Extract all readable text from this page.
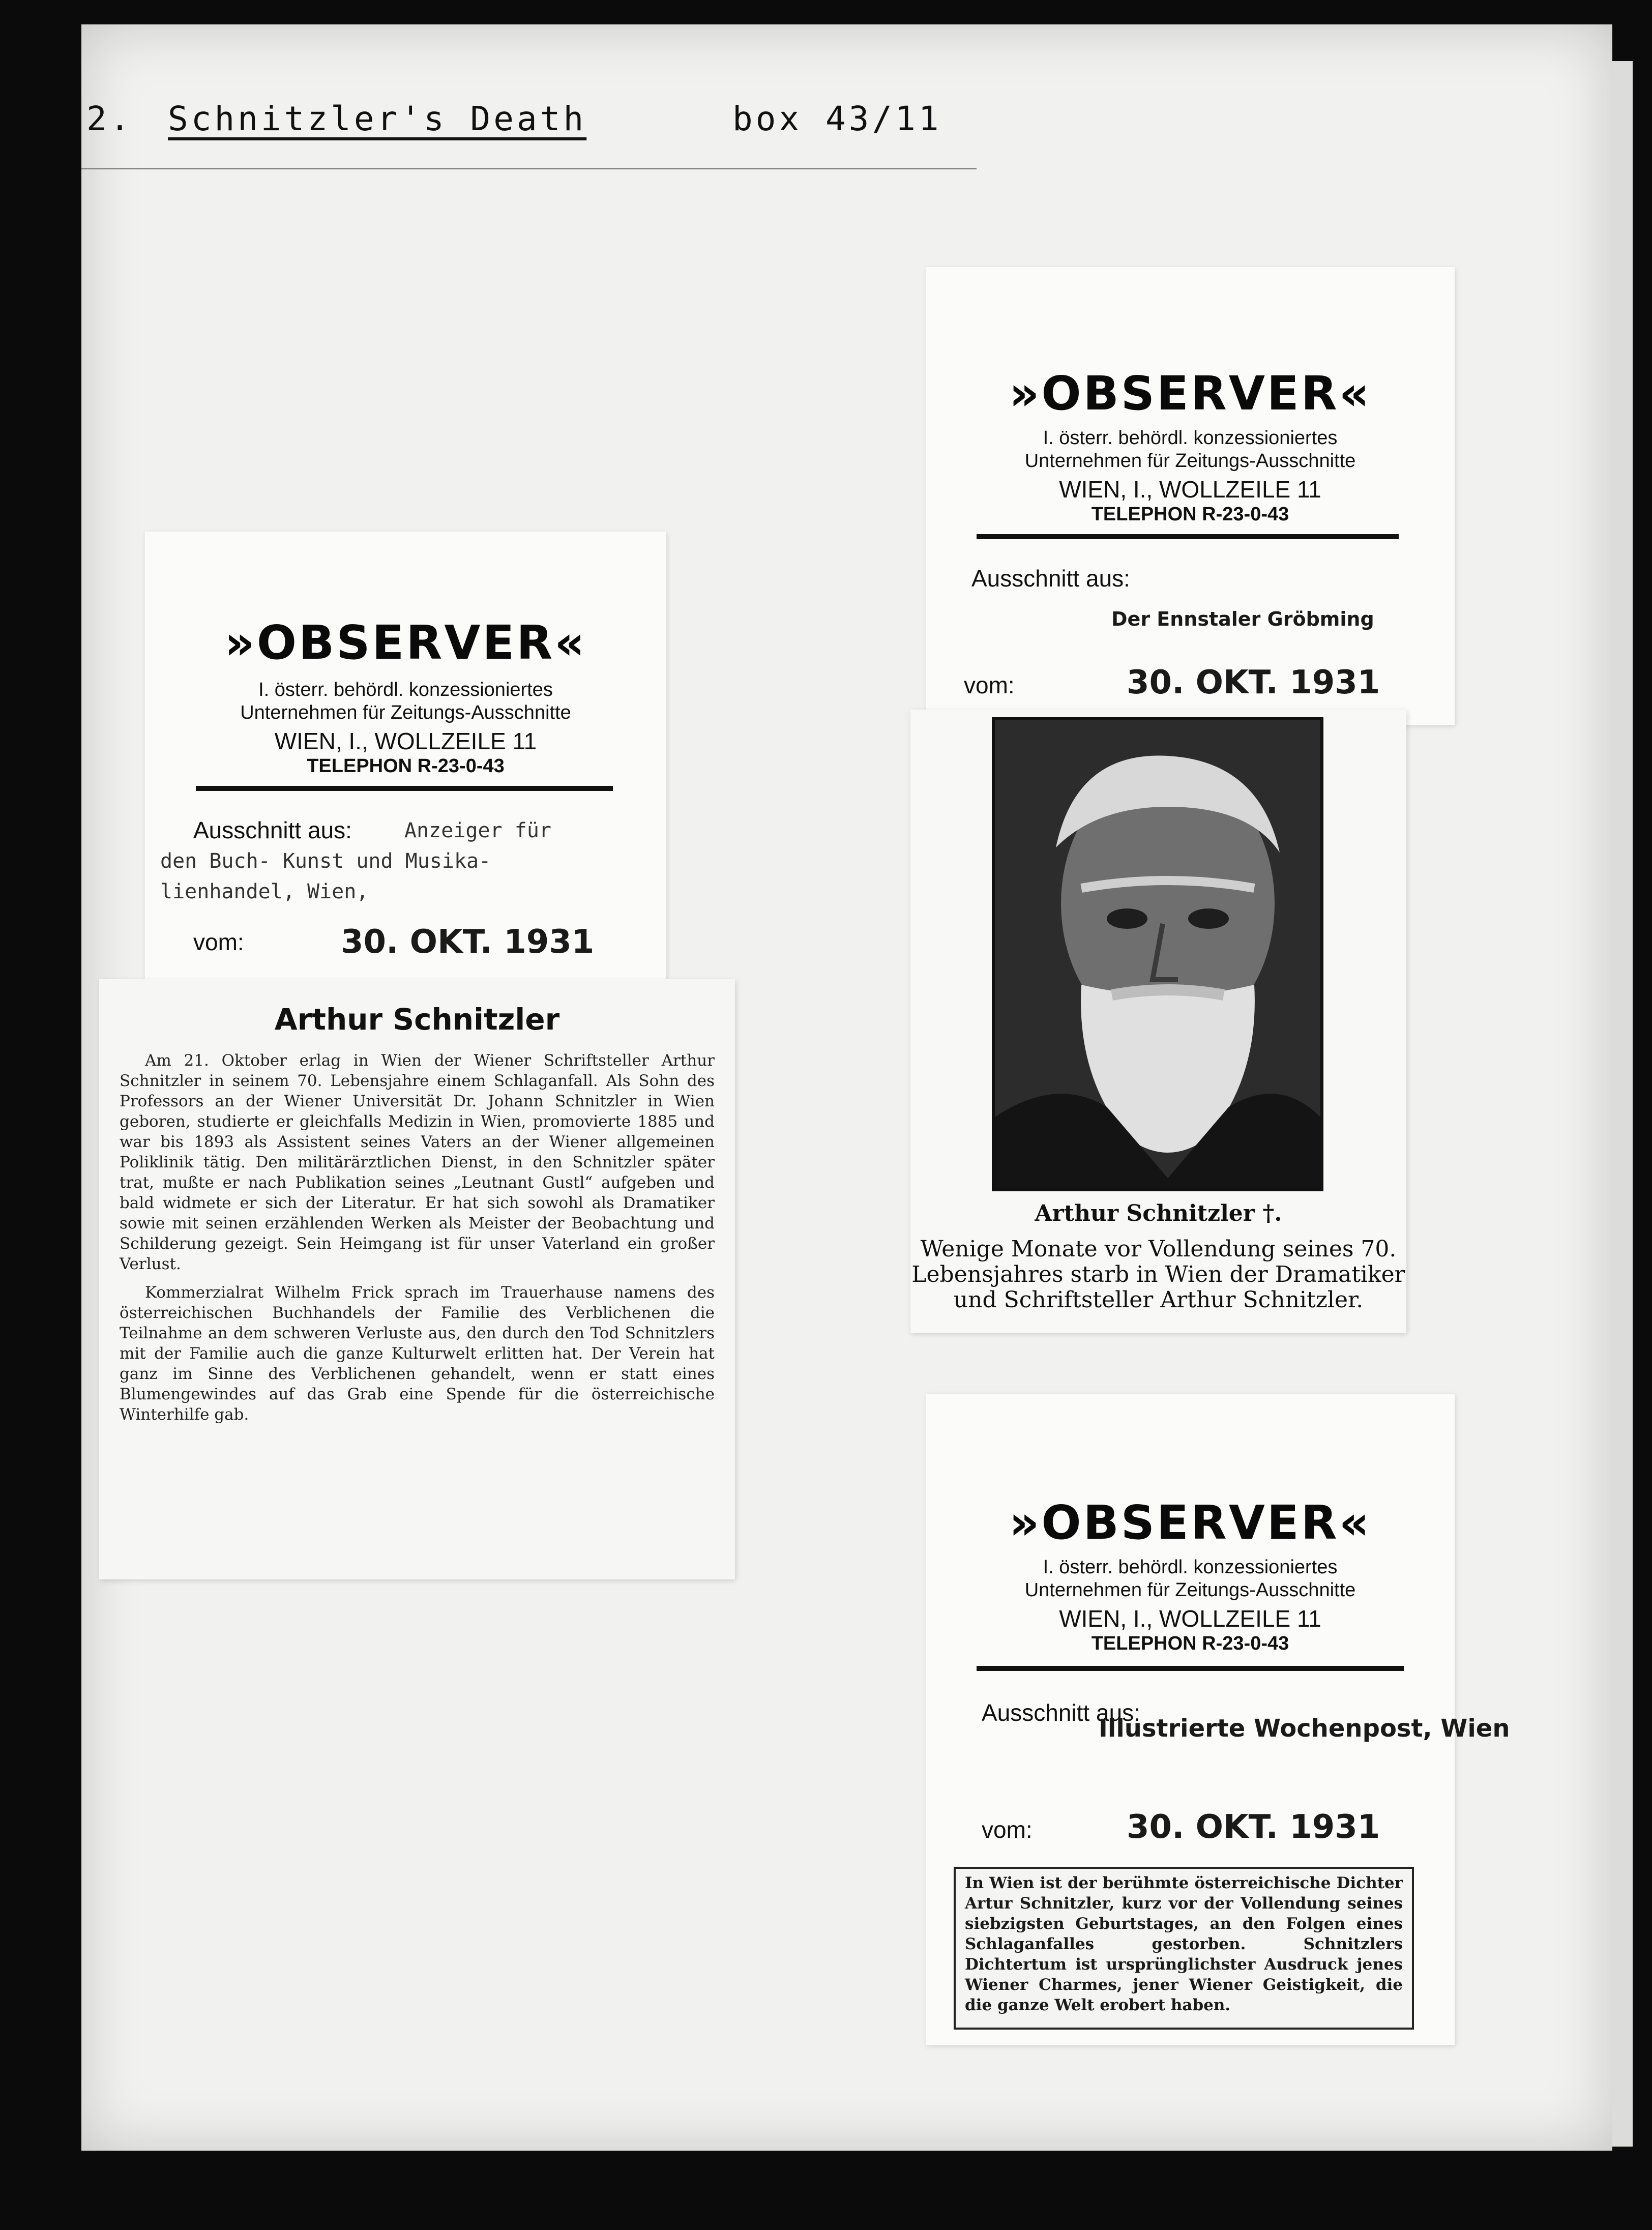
2. Schnitzler's Death	box 43/11
»OBSERVER«
I. österr. behördl. konzessioniertes
Unternehmen für Zeitungs-Ausschnitte
WIEN, I., WOLLZEILE 11
TELEPHON R-23-0-43
Ausschnitt aus:	Anzeiger für
den Buch- Kunst und Musika-
lienhandel, Wien,
vom:	30. OKT. 1931
Arthur Schnitzler

Am 21. Oktober erlag in Wien der Wiener Schriftsteller Arthur Schnitzler in seinem 70. Lebensjahre einem Schlaganfall. Als Sohn des Professors an der Wiener Universität Dr. Johann Schnitzler in Wien geboren, studierte er gleichfalls Medizin in Wien, promovierte 1885 und war bis 1893 als Assistent seines Vaters an der Wiener allgemeinen Poliklinik tätig. Den militärärztlichen Dienst, in den Schnitzler später trat, mußte er nach Publikation seines „Leutnant Gustl“ aufgeben und bald widmete er sich der Literatur. Er hat sich sowohl als Dramatiker sowie mit seinen erzählenden Werken als Meister der Beobachtung und Schilderung gezeigt. Sein Heimgang ist für unser Vaterland ein großer Verlust.

Kommerzialrat Wilhelm Frick sprach im Trauerhause namens des österreichischen Buchhandels der Familie des Verblichenen die Teilnahme an dem schweren Verluste aus, den durch den Tod Schnitzlers mit der Familie auch die ganze Kulturwelt erlitten hat. Der Verein hat ganz im Sinne des Verblichenen gehandelt, wenn er statt eines Blumengewindes auf das Grab eine Spende für die österreichische Winterhilfe gab.

»OBSERVER«
I. österr. behördl. konzessioniertes
Unternehmen für Zeitungs-Ausschnitte
WIEN, I., WOLLZEILE 11
TELEPHON R-23-0-43
Ausschnitt aus:
Der Ennstaler Gröbming
vom:	30. OKT. 1931
Arthur Schnitzler †.
Wenige Monate vor Vollendung seines 70.
Lebensjahres starb in Wien der Dramatiker
und Schriftsteller Arthur Schnitzler.
»OBSERVER«
I. österr. behördl. konzessioniertes
Unternehmen für Zeitungs-Ausschnitte
WIEN, I., WOLLZEILE 11
TELEPHON R-23-0-43
Ausschnitt aus:
Illustrierte Wochenpost, Wien
vom:	30. OKT. 1931
In Wien ist der berühmte österreichische Dichter Artur Schnitzler, kurz vor der Vollendung seines siebzigsten Geburtstages, an den Folgen eines Schlaganfalles gestorben. Schnitzlers Dichtertum ist ursprünglichster Ausdruck jenes Wiener Charmes, jener Wiener Geistigkeit, die die ganze Welt erobert haben.
